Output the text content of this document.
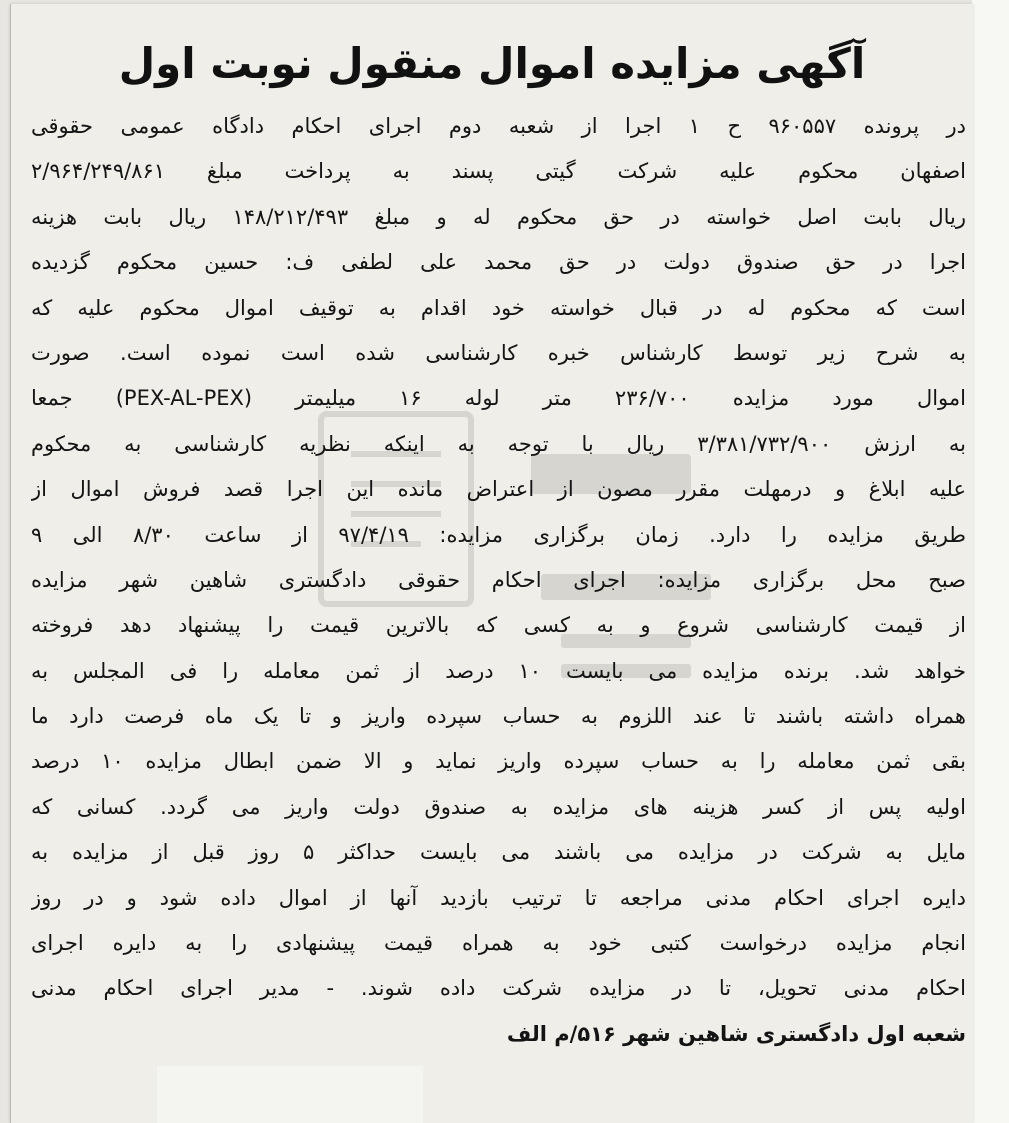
آگهی مزایده اموال منقول نوبت اول
در پرونده ۹۶۰۵۵۷ ح ۱ اجرا از شعبه دوم اجرای احکام دادگاه عمومی حقوقی
اصفهان محکوم علیه شرکت گیتی پسند به پرداخت مبلغ ۲/۹۶۴/۲۴۹/۸۶۱
ریال بابت اصل خواسته در حق محکوم له و مبلغ ۱۴۸/۲۱۲/۴۹۳ ریال بابت هزینه
اجرا در حق صندوق دولت در حق محمد علی لطفی ف: حسین محکوم گزدیده
است که محکوم له در قبال خواسته خود اقدام به توقیف اموال محکوم علیه که
به شرح زیر توسط کارشناس خبره کارشناسی شده است نموده است. صورت
اموال مورد مزایده ۲۳۶/۷۰۰ متر لوله ۱۶ میلیمتر (PEX-AL-PEX) جمعا
به ارزش ۳/۳۸۱/۷۳۲/۹۰۰ ریال با توجه به اینکه نظریه کارشناسی به محکوم
علیه ابلاغ و درمهلت مقرر مصون از اعتراض مانده این اجرا قصد فروش اموال از
طریق مزایده را دارد. زمان برگزاری مزایده: ۹۷/۴/۱۹ از ساعت ۸/۳۰ الی ۹
صبح محل برگزاری مزایده: اجرای احکام حقوقی دادگستری شاهین شهر مزایده
از قیمت کارشناسی شروع و به کسی که بالاترین قیمت را پیشنهاد دهد فروخته
خواهد شد. برنده مزایده می بایست ۱۰ درصد از ثمن معامله را فی المجلس به
همراه داشته باشند تا عند اللزوم به حساب سپرده واریز و تا یک ماه فرصت دارد ما
بقی ثمن معامله را به حساب سپرده واریز نماید و الا ضمن ابطال مزایده ۱۰ درصد
اولیه پس از کسر هزینه های مزایده به صندوق دولت واریز می گردد. کسانی که
مایل به شرکت در مزایده می باشند می بایست حداکثر ۵ روز قبل از مزایده به
دایره اجرای احکام مدنی مراجعه تا ترتیب بازدید آنها از اموال داده شود و در روز
انجام مزایده درخواست کتبی خود به همراه قیمت پیشنهادی را به دایره اجرای
احکام مدنی تحویل، تا در مزایده شرکت داده شوند. - مدیر اجرای احکام مدنی
شعبه اول دادگستری شاهین شهر ۵۱۶/م الف
